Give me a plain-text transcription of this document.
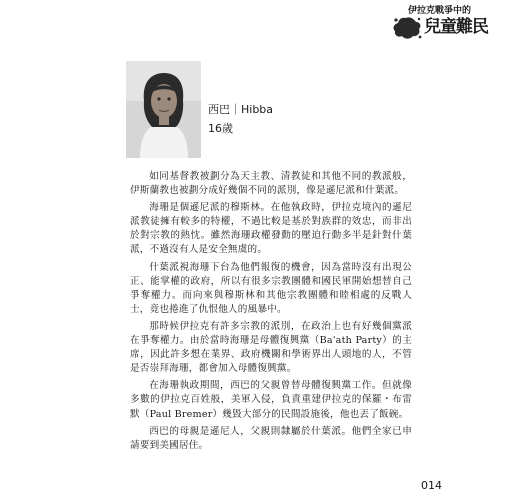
伊拉克戰爭中的
兒童難民
西巴｜Hibba
16歲

如同基督教被劃分為天主教、清教徒和其他不同的教派般，伊斯蘭教也被劃分成好幾個不同的派別，像是遜尼派和什葉派。

海珊是個遜尼派的穆斯林。在他執政時，伊拉克境內的遜尼派教徒擁有較多的特權，不過比較是基於對族群的效忠，而非出於對宗教的熱忱。雖然海珊政權發動的壓迫行動多半是針對什葉派，不過沒有人是安全無虞的。

什葉派視海珊下台為他們報復的機會，因為當時沒有出現公正、能掌權的政府，所以有很多宗教團體和國民軍開始想替自己爭奪權力。而向來與穆斯林和其他宗教團體和睦相處的反戰人士，竟也捲進了仇恨他人的風暴中。

那時候伊拉克有許多宗教的派別，在政治上也有好幾個黨派在爭奪權力。由於當時海珊是母體復興黨（Ba'ath Party）的主席，因此許多想在業界、政府機關和學術界出人頭地的人，不管是否崇拜海珊，都會加入母體復興黨。

在海珊執政期間，西巴的父親曾替母體復興黨工作。但就像多數的伊拉克百姓般，美軍入侵，負責重建伊拉克的保羅・布雷默（Paul Bremer）幾毀大部分的民間設施後，他也丟了飯碗。

西巴的母親是遜尼人，父親則隸屬於什葉派。他們全家已申請要到美國居住。

014
